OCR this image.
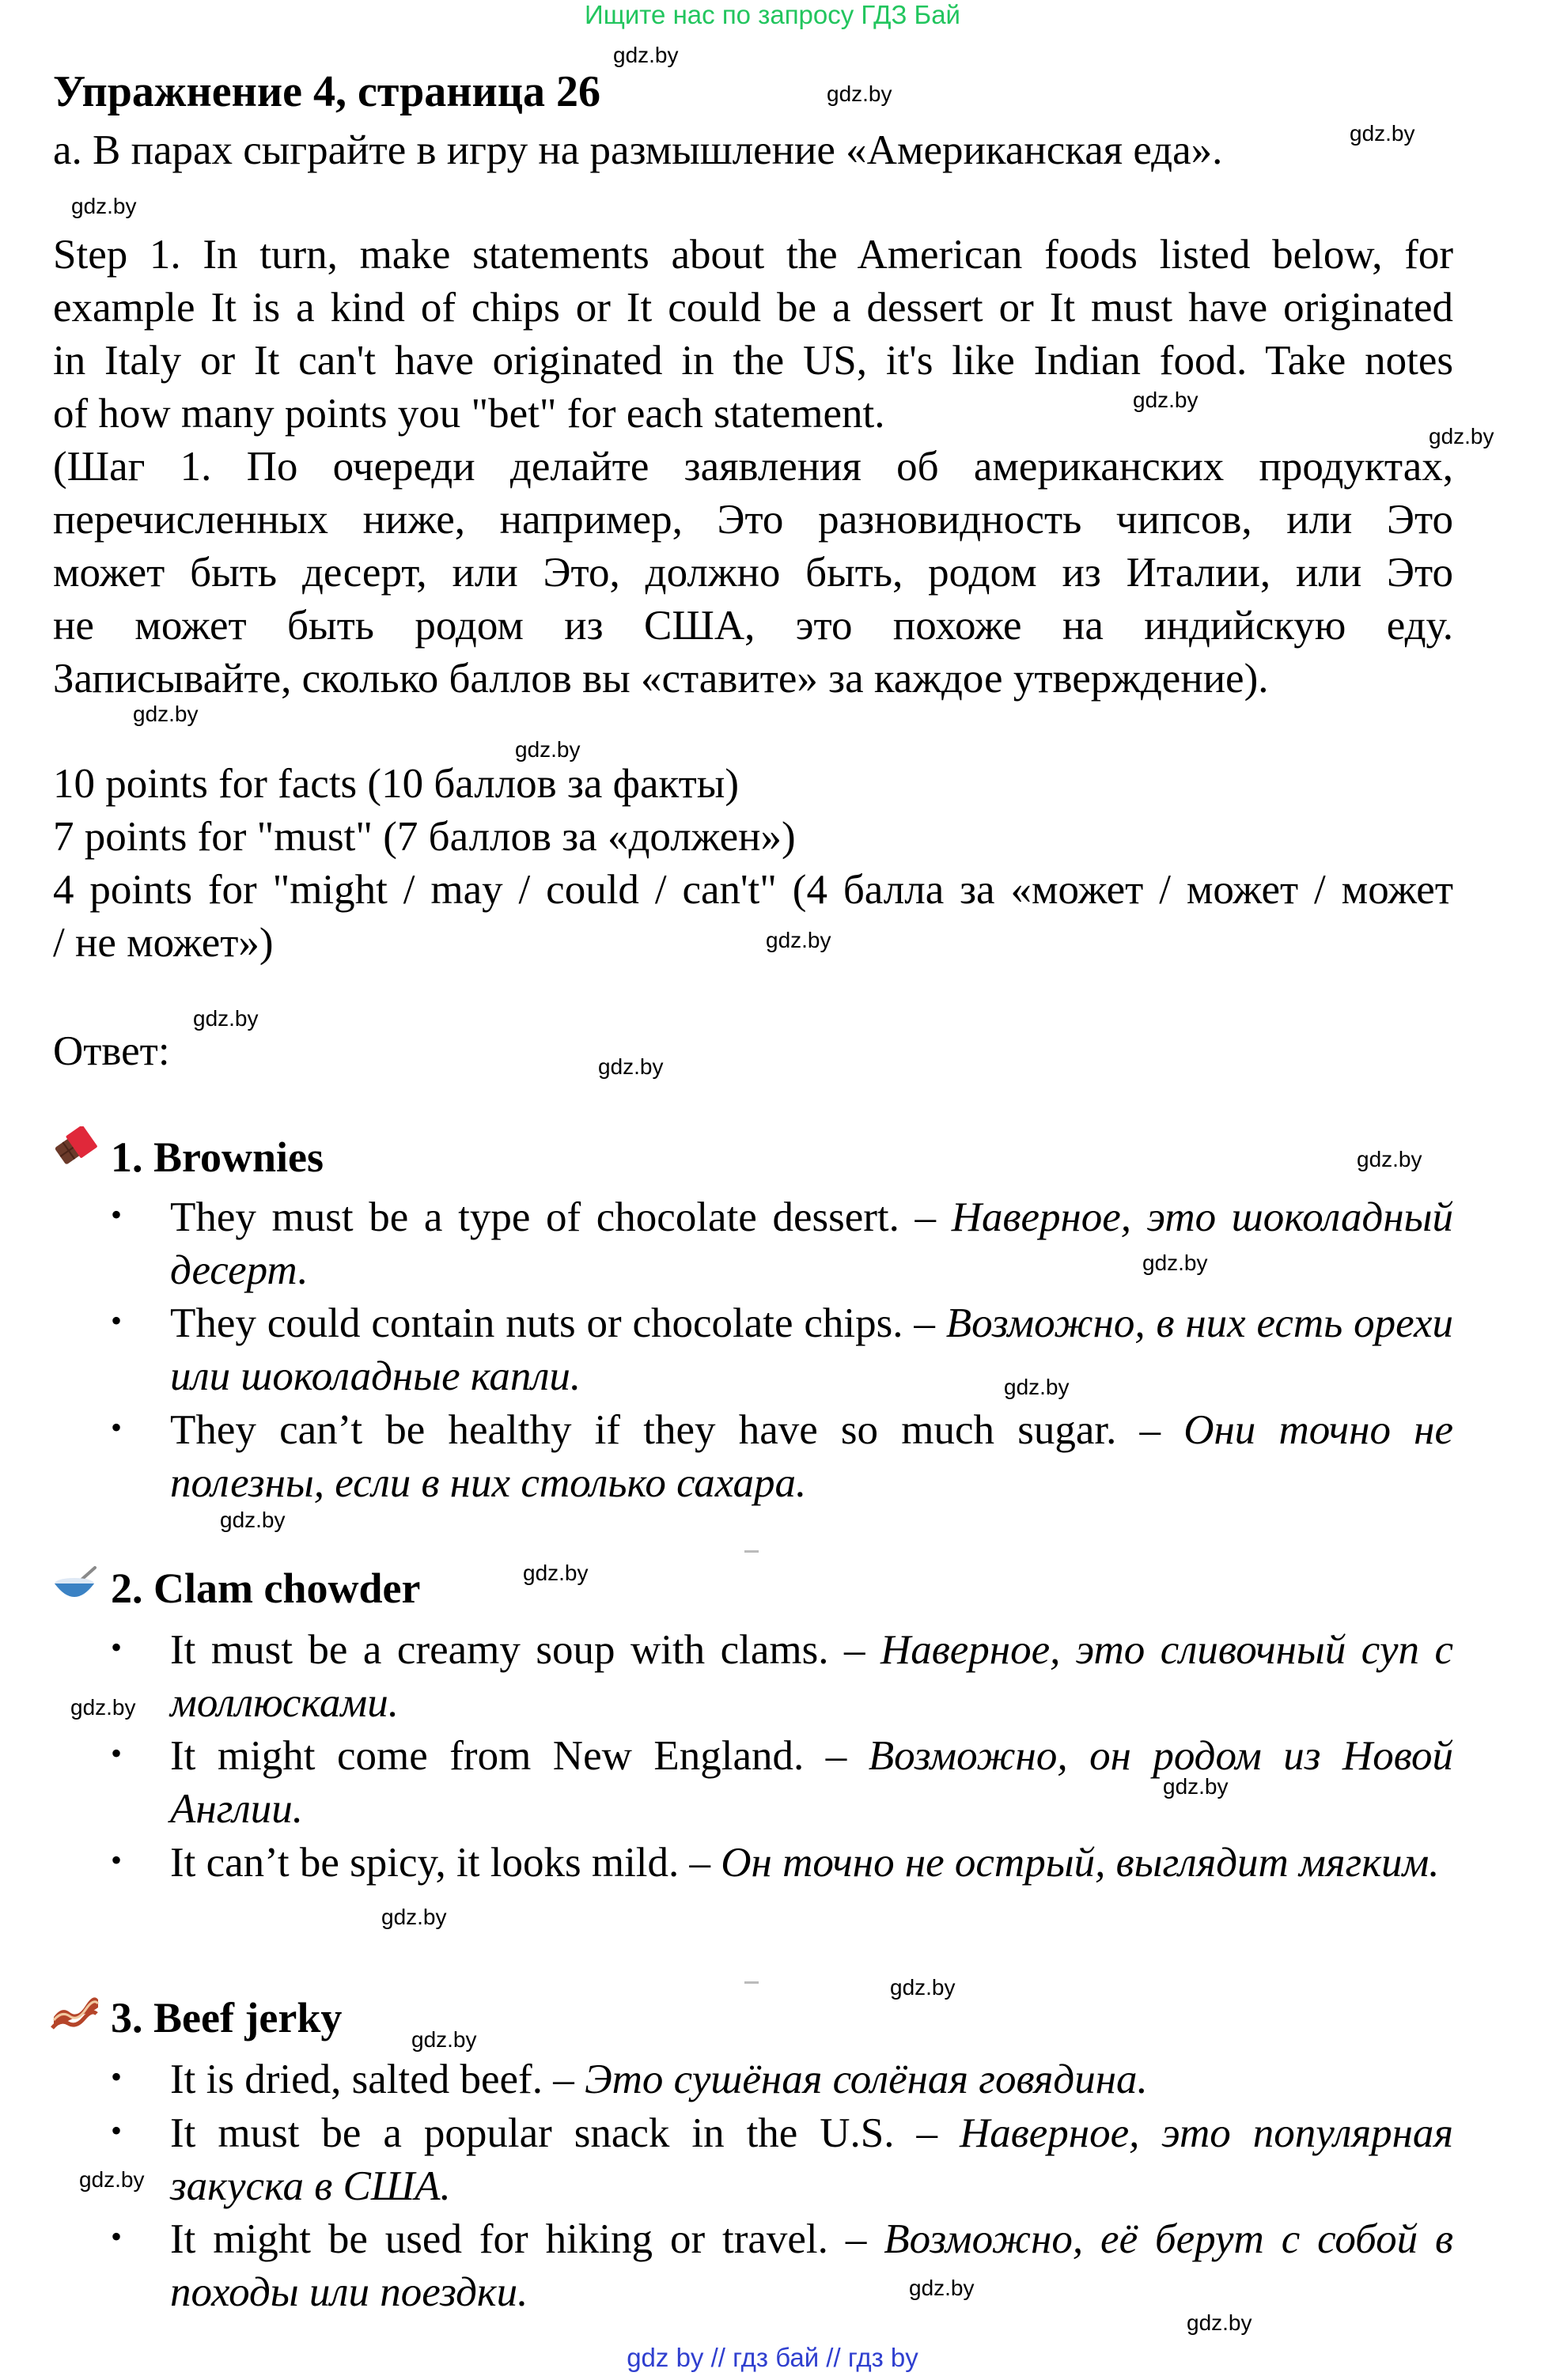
Ищите нас по запросу ГДЗ Бай
Упражнение 4, страница 26
а. В парах сыграйте в игру на размышление «Американская еда».
Step 1. In turn, make statements about the American foods listed below, for
example It is a kind of chips or It could be a dessert or It must have originated
in Italy or It can't have originated in the US, it's like Indian food. Take notes
of how many points you "bet" for each statement.
(Шаг 1. По очереди делайте заявления об американских продуктах,
перечисленных ниже, например, Это разновидность чипсов, или Это
может быть десерт, или Это, должно быть, родом из Италии, или Это
не может быть родом из США, это похоже на индийскую еду.
Записывайте, сколько баллов вы «ставите» за каждое утверждение).
10 points for facts (10 баллов за факты)
7 points for "must" (7 баллов за «должен»)
4 points for "might / may / could / can't" (4 балла за «может / может / может
/ не может»)
Ответ:
1. Brownies
• They must be a type of chocolate dessert. – Наверное, это шоколадный десерт.
• They could contain nuts or chocolate chips. – Возможно, в них есть орехи или шоколадные капли.
• They can’t be healthy if they have so much sugar. – Они точно не полезны, если в них столько сахара.
2. Clam chowder
• It must be a creamy soup with clams. – Наверное, это сливочный суп с моллюсками.
• It might come from New England. – Возможно, он родом из Новой Англии.
• It can’t be spicy, it looks mild. – Он точно не острый, выглядит мягким.
3. Beef jerky
• It is dried, salted beef. – Это сушёная солёная говядина.
• It must be a popular snack in the U.S. – Наверное, это популярная закуска в США.
• It might be used for hiking or travel. – Возможно, её берут с собой в походы или поездки.
gdz.by
gdz.by
gdz.by
gdz.by
gdz.by
gdz.by
gdz.by
gdz.by
gdz.by
gdz.by
gdz.by
gdz.by
gdz.by
gdz.by
gdz.by
gdz.by
gdz.by
gdz.by
gdz.by
gdz.by
gdz.by
gdz.by
gdz.by
gdz.by
gdz by // гдз бай // гдз by
